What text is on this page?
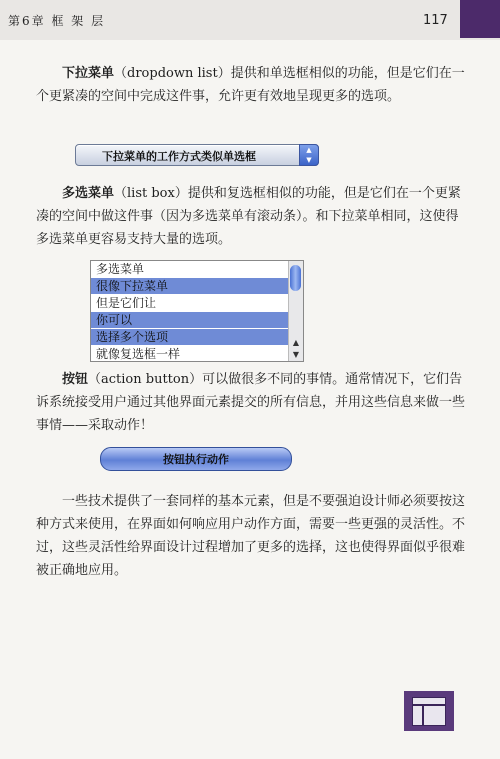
第6章 框 架 层	117

下拉菜单（dropdown list）提供和单选框相似的功能，但是它们在一个更紧凑的空间中完成这件事，允许更有效地呈现更多的选项。

下拉菜单的工作方式类似单选框	▲
▼

多选菜单（list box）提供和复选框相似的功能，但是它们在一个更紧凑的空间中做这件事（因为多选菜单有滚动条）。和下拉菜单相同，这使得多选菜单更容易支持大量的选项。

多选菜单
很像下拉菜单
但是它们让
你可以
选择多个选项
就像复选框一样
▲
▼

按钮（action button）可以做很多不同的事情。通常情况下，它们告诉系统接受用户通过其他界面元素提交的所有信息，并用这些信息来做一些事情——采取动作！

按钮执行动作

一些技术提供了一套同样的基本元素，但是不要强迫设计师必须要按这种方式来使用，在界面如何响应用户动作方面，需要一些更强的灵活性。不过，这些灵活性给界面设计过程增加了更多的选择，这也使得界面似乎很难被正确地应用。
